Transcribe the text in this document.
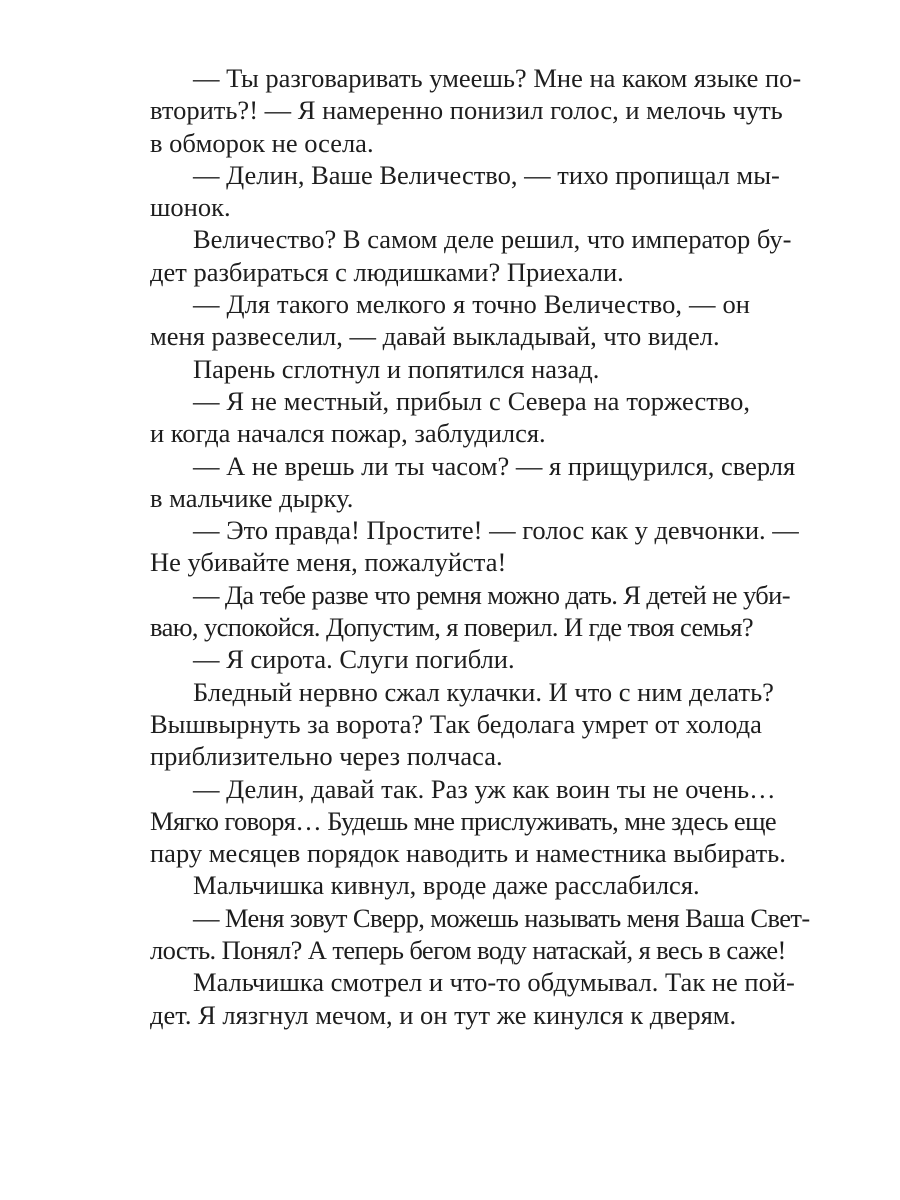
— Ты разговаривать умеешь? Мне на каком языке по-
вторить?! — Я намеренно понизил голос, и мелочь чуть
в обморок не осела.
— Делин, Ваше Величество, — тихо пропищал мы-
шонок.
Величество? В самом деле решил, что император бу-
дет разбираться с людишками? Приехали.
— Для такого мелкого я точно Величество, — он
меня развеселил, — давай выкладывай, что видел.
Парень сглотнул и попятился назад.
— Я не местный, прибыл с Севера на торжество,
и когда начался пожар, заблудился.
— А не врешь ли ты часом? — я прищурился, сверля
в мальчике дырку.
— Это правда! Простите! — голос как у девчонки. —
Не убивайте меня, пожалуйста!
— Да тебе разве что ремня можно дать. Я детей не уби-
ваю, успокойся. Допустим, я поверил. И где твоя семья?
— Я сирота. Слуги погибли.
Бледный нервно сжал кулачки. И что с ним делать?
Вышвырнуть за ворота? Так бедолага умрет от холода
приблизительно через полчаса.
— Делин, давай так. Раз уж как воин ты не очень…
Мягко говоря… Будешь мне прислуживать, мне здесь еще
пару месяцев порядок наводить и наместника выбирать.
Мальчишка кивнул, вроде даже расслабился.
— Меня зовут Сверр, можешь называть меня Ваша Свет-
лость. Понял? А теперь бегом воду натаскай, я весь в саже!
Мальчишка смотрел и что-то обдумывал. Так не пой-
дет. Я лязгнул мечом, и он тут же кинулся к дверям.
